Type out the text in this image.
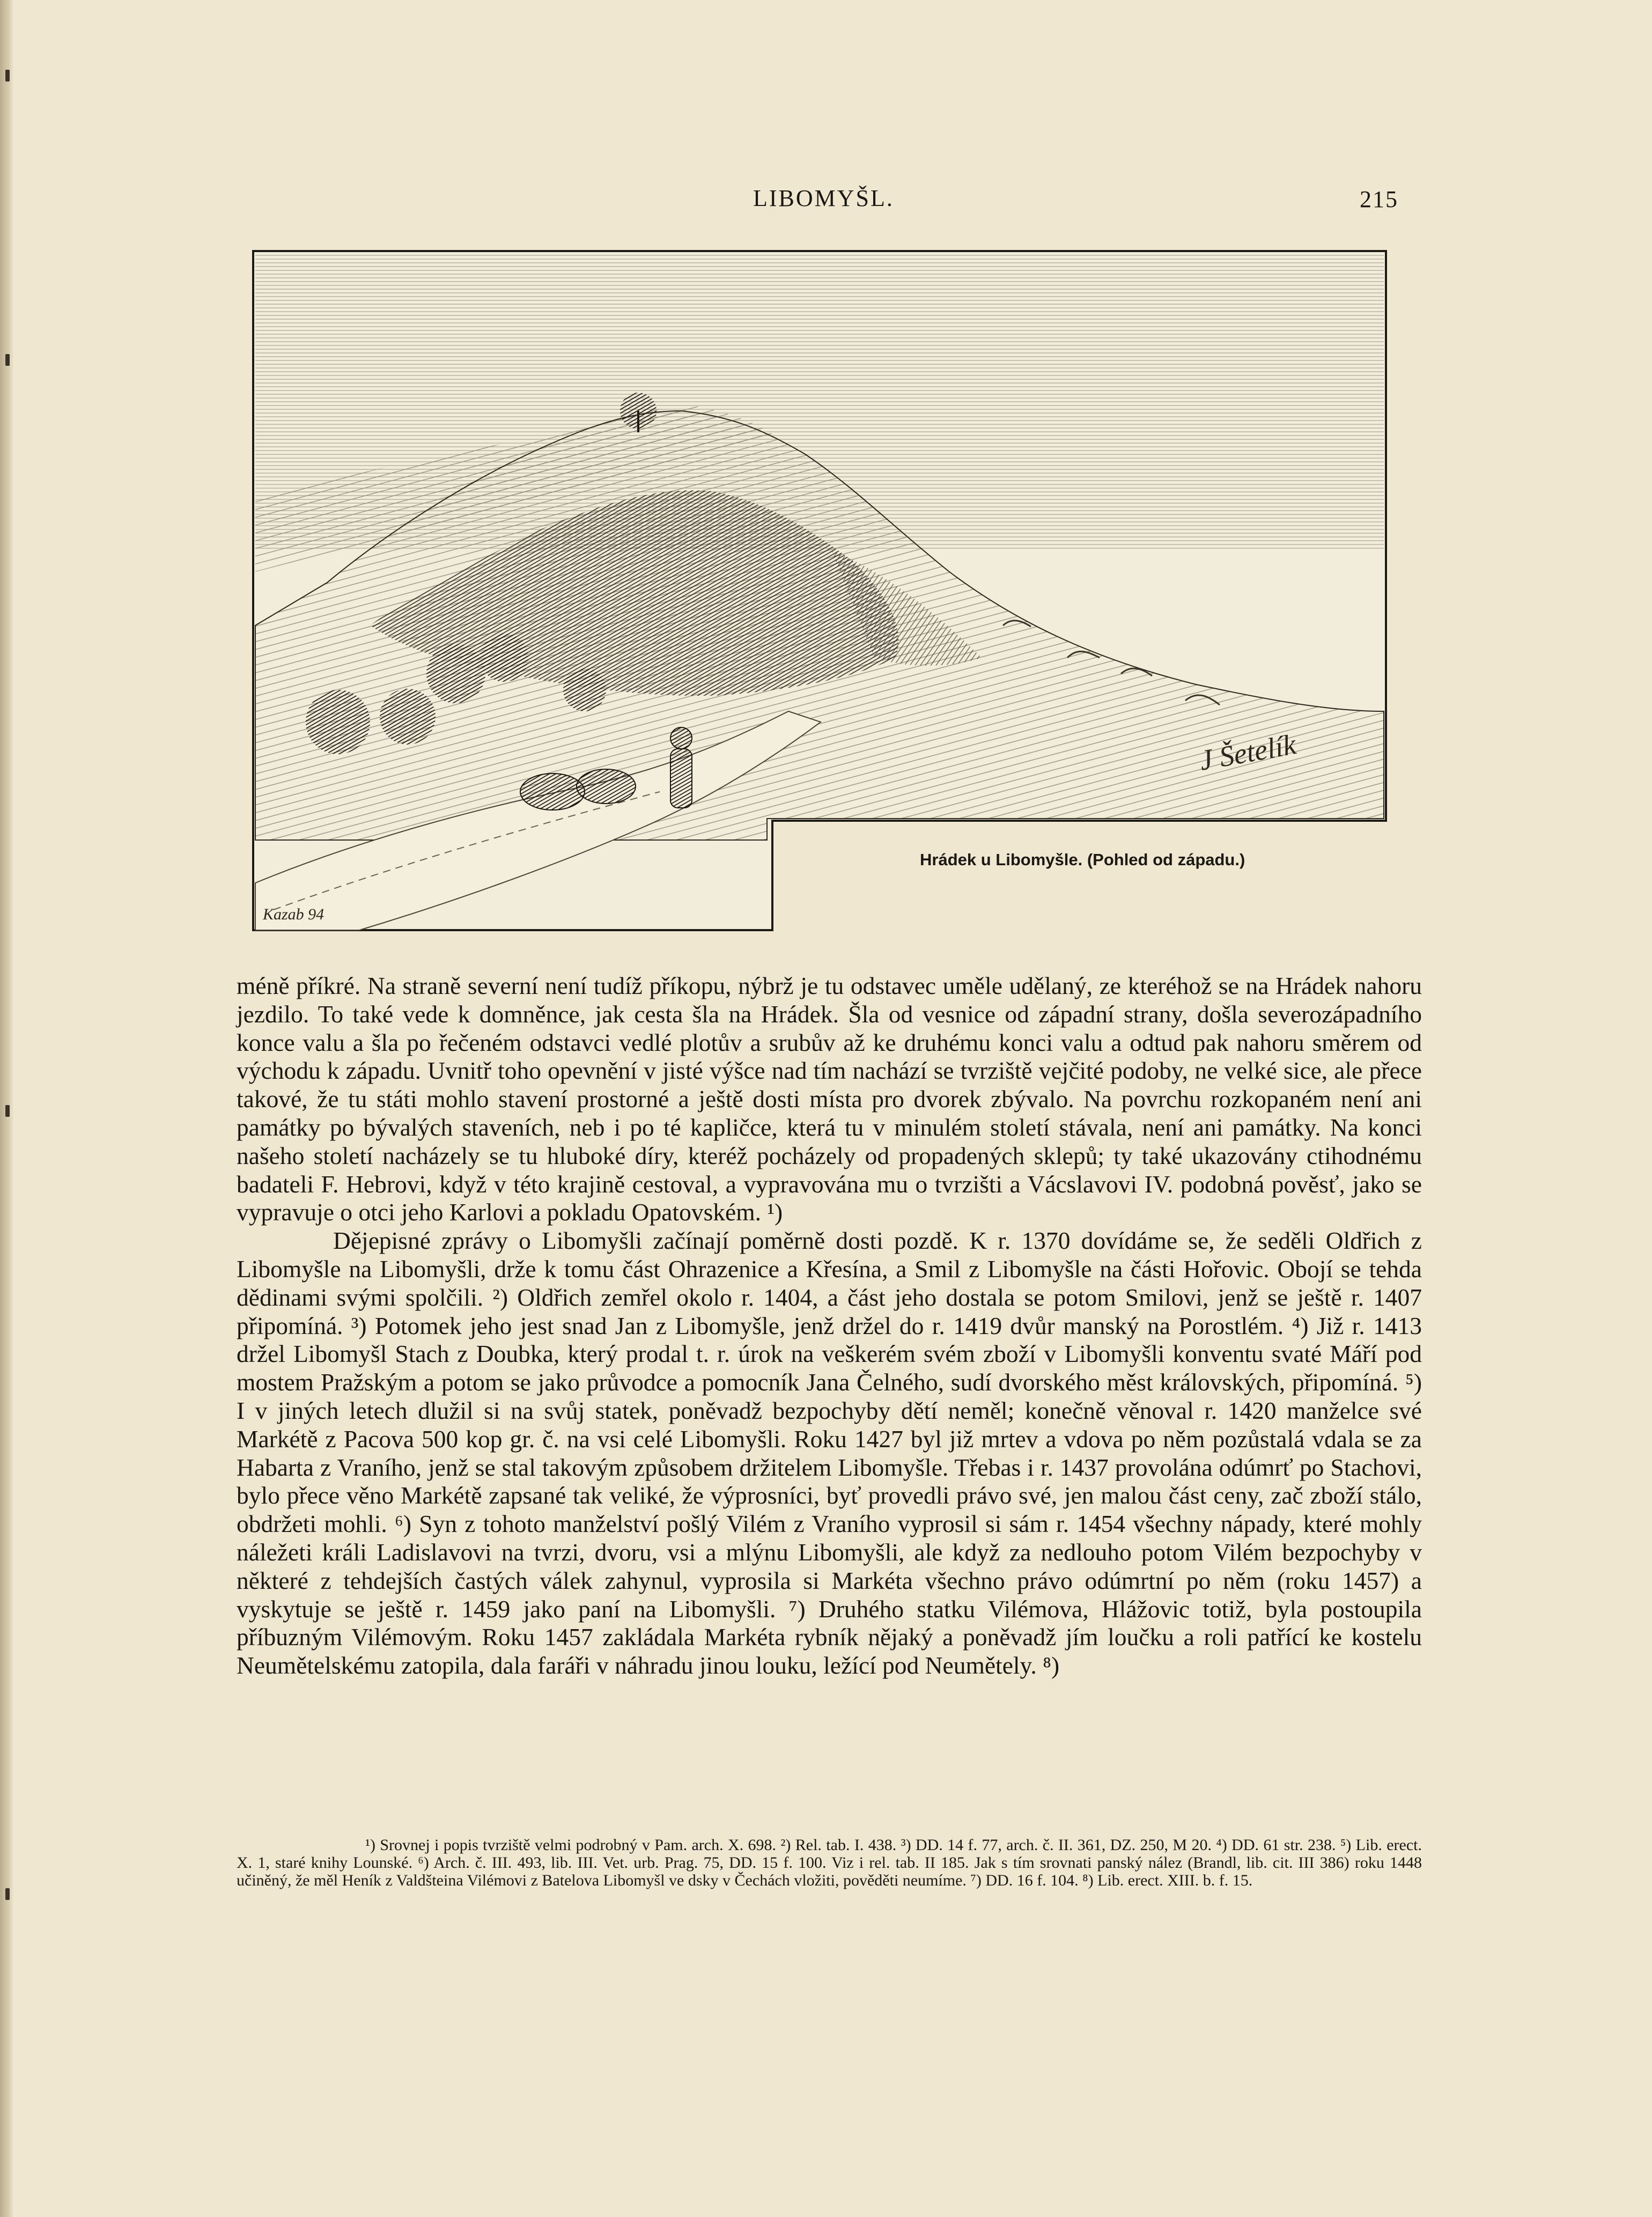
LIBOMYŠL.	215
J Šetelík
Kazab 94
Hrádek u Libomyšle. (Pohled od západu.)

méně příkré. Na straně severní není tudíž příkopu, nýbrž je tu odstavec uměle udělaný, ze kteréhož se na Hrádek nahoru jezdilo. To také vede k domněnce, jak cesta šla na Hrádek. Šla od vesnice od západní strany, došla severozápadního konce valu a šla po řečeném odstavci vedlé plotův a srubův až ke druhému konci valu a odtud pak nahoru směrem od východu k západu. Uvnitř toho opevnění v jisté výšce nad tím nachází se tvrziště vejčité podoby, ne velké sice, ale přece takové, že tu státi mohlo stavení prostorné a ještě dosti místa pro dvorek zbývalo. Na povrchu rozkopaném není ani památky po bývalých staveních, neb i po té kapličce, která tu v minulém století stávala, není ani památky. Na konci našeho století nacházely se tu hluboké díry, kteréž pocházely od propadených sklepů; ty také ukazovány ctihodnému badateli F. Hebrovi, když v této krajině cestoval, a vypravována mu o tvrzišti a Vácslavovi IV. podobná pověsť, jako se vypravuje o otci jeho Karlovi a pokladu Opatovském. ¹)

Dějepisné zprávy o Libomyšli začínají poměrně dosti pozdě. K r. 1370 dovídáme se, že seděli Oldřich z Libomyšle na Libomyšli, drže k tomu část Ohrazenice a Křesína, a Smil z Libomyšle na části Hořovic. Obojí se tehda dědinami svými spolčili. ²) Oldřich zemřel okolo r. 1404, a část jeho dostala se potom Smilovi, jenž se ještě r. 1407 připomíná. ³) Potomek jeho jest snad Jan z Libomyšle, jenž držel do r. 1419 dvůr manský na Porostlém. ⁴) Již r. 1413 držel Libomyšl Stach z Doubka, který prodal t. r. úrok na veškerém svém zboží v Libomyšli konventu svaté Máří pod mostem Pražským a potom se jako průvodce a pomocník Jana Čelného, sudí dvorského měst královských, připomíná. ⁵) I v jiných letech dlužil si na svůj statek, poněvadž bezpochyby dětí neměl; konečně věnoval r. 1420 manželce své Markétě z Pacova 500 kop gr. č. na vsi celé Libomyšli. Roku 1427 byl již mrtev a vdova po něm pozůstalá vdala se za Habarta z Vraního, jenž se stal takovým způsobem držitelem Libomyšle. Třebas i r. 1437 provolána odúmrť po Stachovi, bylo přece věno Markétě zapsané tak veliké, že výprosníci, byť provedli právo své, jen malou část ceny, zač zboží stálo, obdržeti mohli. ⁶) Syn z tohoto manželství pošlý Vilém z Vraního vyprosil si sám r. 1454 všechny nápady, které mohly náležeti králi Ladislavovi na tvrzi, dvoru, vsi a mlýnu Libomyšli, ale když za nedlouho potom Vilém bezpochyby v některé z tehdejších častých válek zahynul, vyprosila si Markéta všechno právo odúmrtní po něm (roku 1457) a vyskytuje se ještě r. 1459 jako paní na Libomyšli. ⁷) Druhého statku Vilémova, Hlážovic totiž, byla postoupila příbuzným Vilémovým. Roku 1457 zakládala Markéta rybník nějaký a poněvadž jím loučku a roli patřící ke kostelu Neumětelskému zatopila, dala faráři v náhradu jinou louku, ležící pod Neumětely. ⁸)

¹) Srovnej i popis tvrziště velmi podrobný v Pam. arch. X. 698. ²) Rel. tab. I. 438. ³) DD. 14 f. 77, arch. č. II. 361, DZ. 250, M 20. ⁴) DD. 61 str. 238. ⁵) Lib. erect. X. 1, staré knihy Lounské. ⁶) Arch. č. III. 493, lib. III. Vet. urb. Prag. 75, DD. 15 f. 100. Viz i rel. tab. II 185. Jak s tím srovnati panský nález (Brandl, lib. cit. III 386) roku 1448 učiněný, že měl Heník z Valdšteina Vilémovi z Batelova Libomyšl ve dsky v Čechách vložiti, pověděti neumíme. ⁷) DD. 16 f. 104. ⁸) Lib. erect. XIII. b. f. 15.
